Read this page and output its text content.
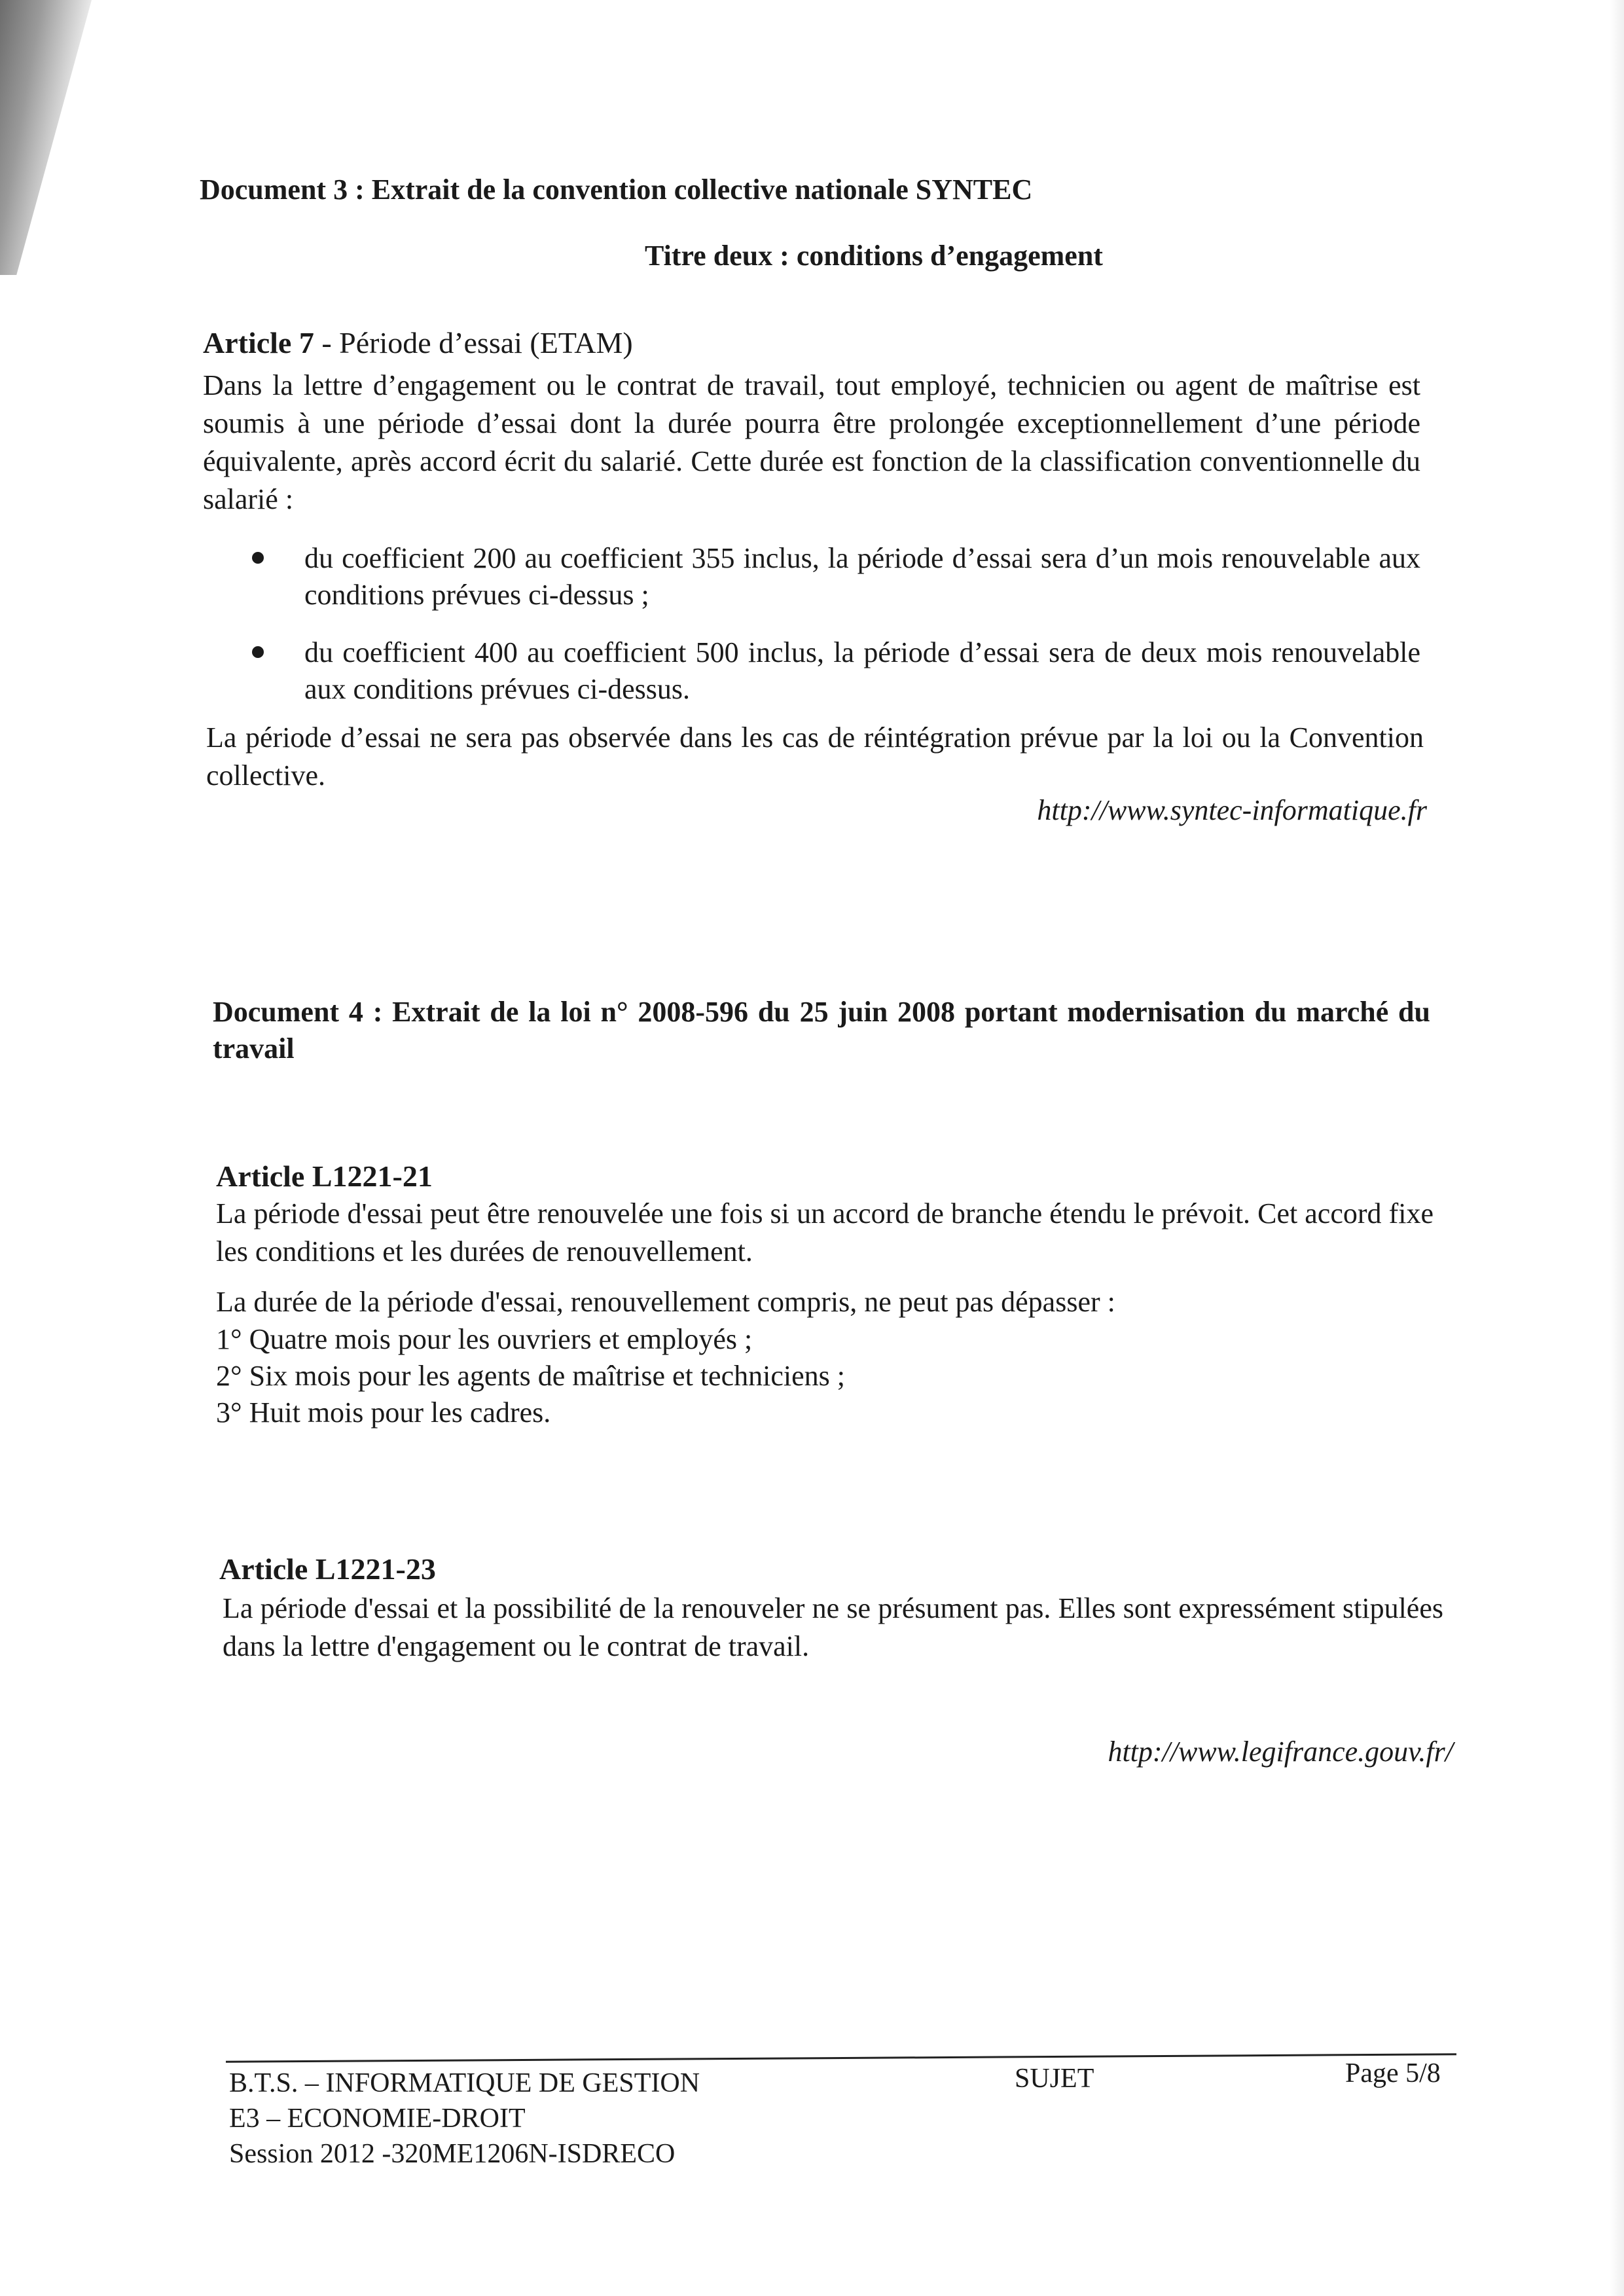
Document 3 : Extrait de la convention collective nationale SYNTEC
Titre deux : conditions d’engagement
Article 7 - Période d’essai (ETAM)
Dans la lettre d’engagement ou le contrat de travail, tout employé, technicien ou agent de maîtrise est soumis à une période d’essai dont la durée pourra être prolongée exceptionnellement d’une période équivalente, après accord écrit du salarié. Cette durée est fonction de la classification conventionnelle du salarié :
du coefficient 200 au coefficient 355 inclus, la période d’essai sera d’un mois renouvelable aux conditions prévues ci-dessus ;
du coefficient 400 au coefficient 500 inclus, la période d’essai sera de deux mois renouvelable aux conditions prévues ci-dessus.
La période d’essai ne sera pas observée dans les cas de réintégration prévue par la loi ou la Convention collective.
http://www.syntec-informatique.fr
Document 4 : Extrait de la loi n° 2008-596 du 25 juin 2008 portant modernisation du marché du travail
Article L1221-21
La période d'essai peut être renouvelée une fois si un accord de branche étendu le prévoit. Cet accord fixe les conditions et les durées de renouvellement.
La durée de la période d'essai, renouvellement compris, ne peut pas dépasser :
1° Quatre mois pour les ouvriers et employés ;
2° Six mois pour les agents de maîtrise et techniciens ;
3° Huit mois pour les cadres.
Article L1221-23
La période d'essai et la possibilité de la renouveler ne se présument pas. Elles sont expressément stipulées dans la lettre d'engagement ou le contrat de travail.
http://www.legifrance.gouv.fr/
B.T.S. – INFORMATIQUE DE GESTION
E3 – ECONOMIE-DROIT
Session 2012 -320ME1206N-ISDRECO
SUJET	Page 5/8
